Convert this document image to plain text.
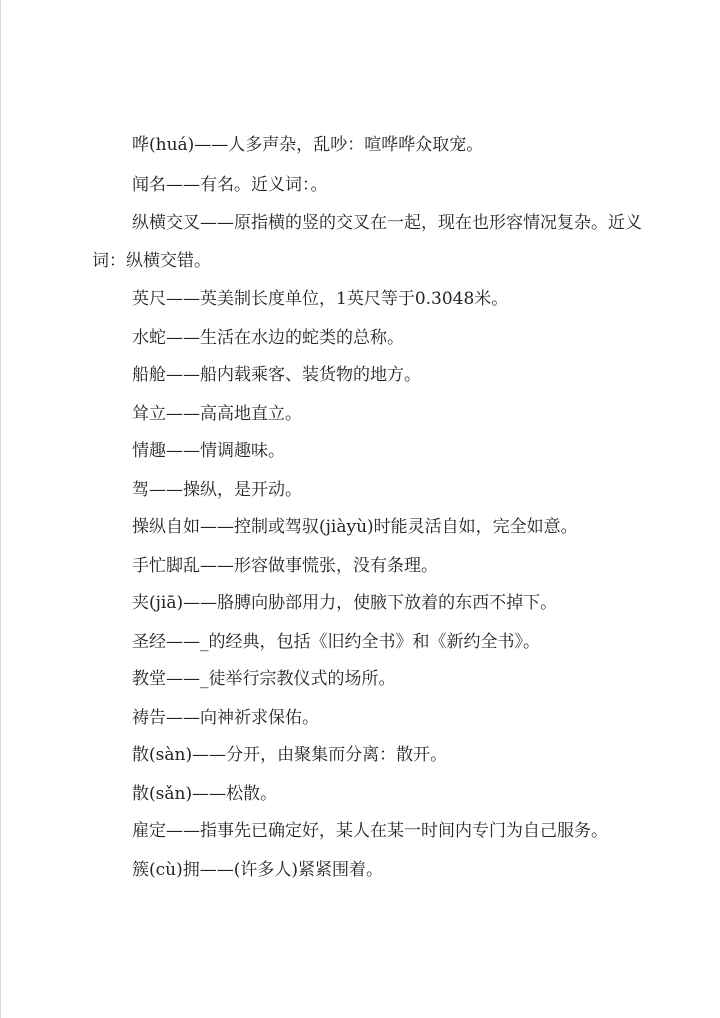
哗(huá)——人多声杂，乱吵：喧哗哗众取宠。
闻名——有名。近义词：。
纵横交叉——原指横的竖的交叉在一起，现在也形容情况复杂。近义
词：纵横交错。
英尺——英美制长度单位，1英尺等于0.3048米。
水蛇——生活在水边的蛇类的总称。
船舱——船内载乘客、装货物的地方。
耸立——高高地直立。
情趣——情调趣味。
驾——操纵，是开动。
操纵自如——控制或驾驭(jiàyù)时能灵活自如，完全如意。
手忙脚乱——形容做事慌张，没有条理。
夹(jiā)——胳膊向胁部用力，使腋下放着的东西不掉下。
圣经——_的经典，包括《旧约全书》和《新约全书》。
教堂——_徒举行宗教仪式的场所。
祷告——向神祈求保佑。
散(sàn)——分开，由聚集而分离：散开。
散(sǎn)——松散。
雇定——指事先已确定好，某人在某一时间内专门为自己服务。
簇(cù)拥——(许多人)紧紧围着。
